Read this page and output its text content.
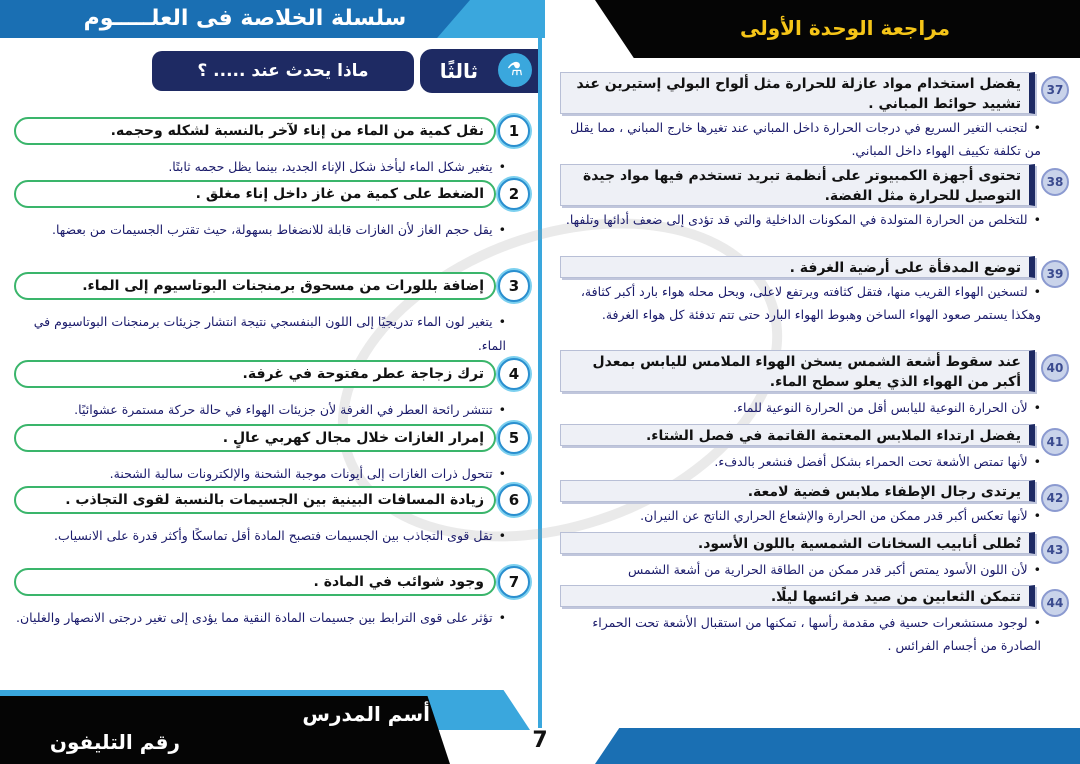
سلسلة الخلاصة فى العلـــــوم	مراجعة الوحدة الأولى
ماذا يحدث عند ..... ؟	ثالثًا	⚗
1
نقل كمية من الماء من إناء لآخر بالنسبة لشكله وحجمه.
• يتغير شكل الماء ليأخذ شكل الإناء الجديد، بينما يظل حجمه ثابتًا.
2
الضغط على كمية من غاز داخل إناء مغلق .
• يقل حجم الغاز لأن الغازات قابلة للانضغاط بسهولة، حيث تقترب الجسيمات من بعضها.
3
إضافة بللورات من مسحوق برمنجنات البوتاسيوم إلى الماء.
• يتغير لون الماء تدريجيًا إلى اللون البنفسجي نتيجة انتشار جزيئات برمنجنات البوتاسيوم في الماء.
4
ترك زجاجة عطر مفتوحة في غرفة.
• تنتشر رائحة العطر في الغرفة لأن جزيئات الهواء في حالة حركة مستمرة عشوائيًا.
5
إمرار الغازات خلال مجال كهربي عالٍ .
• تتحول ذرات الغازات إلى أيونات موجبة الشحنة والإلكترونات سالبة الشحنة.
6
زيادة المسافات البينية بين الجسيمات بالنسبة لقوى التجاذب .
• تقل قوى التجاذب بين الجسيمات فتصبح المادة أقل تماسكًا وأكثر قدرة على الانسياب.
7
وجود شوائب في المادة .
• تؤثر على قوى الترابط بين جسيمات المادة النقية مما يؤدى إلى تغير درجتى الانصهار والغليان.
37
يفضل استخدام مواد عازلة للحرارة مثل ألواح البولي إستيرين عند تشييد حوائط المباني .
• لتجنب التغير السريع في درجات الحرارة داخل المباني عند تغيرها خارج المباني ، مما يقلل من تكلفة تكييف الهواء داخل المباني.
38
تحتوى أجهزة الكمبيوتر على أنظمة تبريد تستخدم فيها مواد جيدة التوصيل للحرارة مثل الفضة.
• للتخلص من الحرارة المتولدة في المكونات الداخلية والتي قد تؤدى إلى ضعف أدائها وتلفها.
39
توضع المدفأة على أرضية الغرفة .
• لتسخين الهواء القريب منها، فتقل كثافته ويرتفع لاعلى، ويحل محله هواء بارد أكبر كثافة، وهكذا يستمر صعود الهواء الساخن وهبوط الهواء البارد حتى تتم تدفئة كل هواء الغرفة.
40
عند سقوط أشعة الشمس يسخن الهواء الملامس لليابس بمعدل أكبر من الهواء الذي يعلو سطح الماء.
• لأن الحرارة النوعية لليابس أقل من الحرارة النوعية للماء.
41
يفضل ارتداء الملابس المعتمة القاتمة في فصل الشتاء.
• لأنها تمتص الأشعة تحت الحمراء بشكل أفضل فنشعر بالدفء.
42
يرتدى رجال الإطفاء ملابس فضية لامعة.
• لأنها تعكس أكبر قدر ممكن من الحرارة والإشعاع الحراري الناتج عن النيران.
43
تُطلى أنابيب السخانات الشمسية باللون الأسود.
• لأن اللون الأسود يمتص أكبر قدر ممكن من الطاقة الحرارية من أشعة الشمس
44
تتمكن الثعابين من صيد فرائسها ليلًا.
• لوجود مستشعرات حسية في مقدمة رأسها ، تمكنها من استقبال الأشعة تحت الحمراء الصادرة من أجسام الفرائس .
أسم المدرس
رقم التليفون	7
